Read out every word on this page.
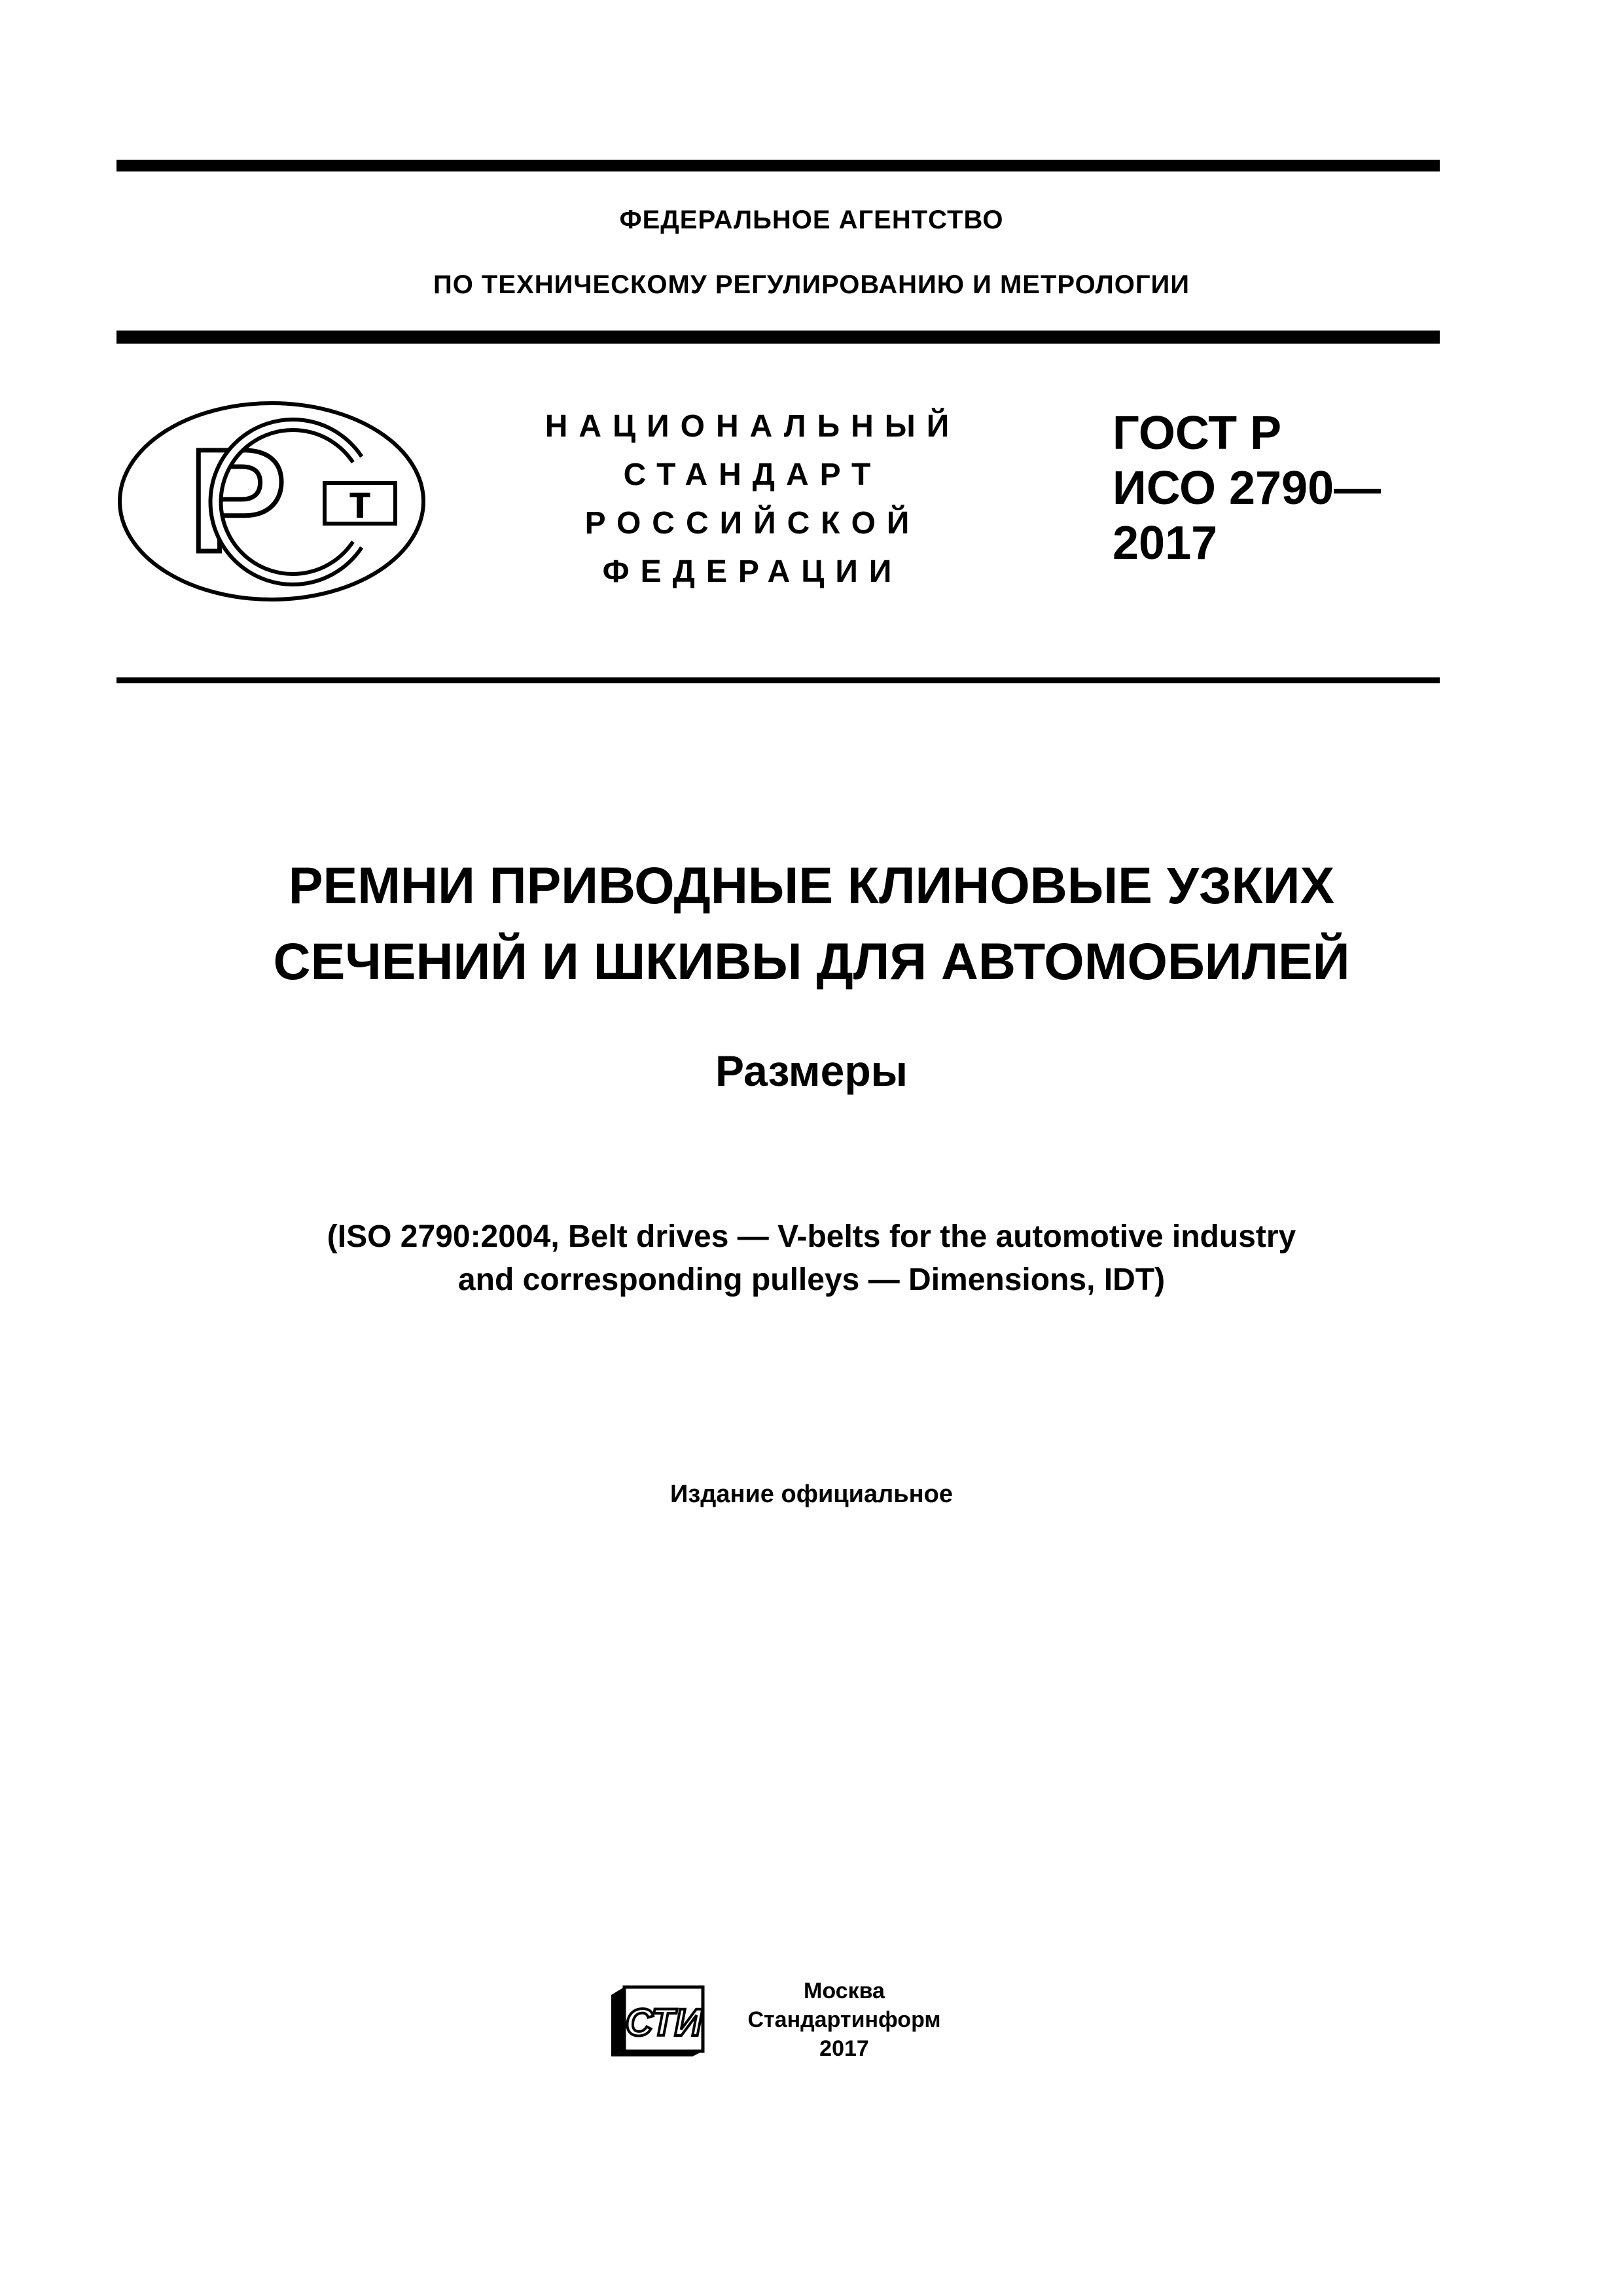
ФЕДЕРАЛЬНОЕ АГЕНТСТВО
ПО ТЕХНИЧЕСКОМУ РЕГУЛИРОВАНИЮ И МЕТРОЛОГИИ
Р т
НАЦИОНАЛЬНЫЙ
СТАНДАРТ
РОССИЙСКОЙ
ФЕДЕРАЦИИ
ГОСТ Р
ИСО 2790—
2017
РЕМНИ ПРИВОДНЫЕ КЛИНОВЫЕ УЗКИХ
СЕЧЕНИЙ И ШКИВЫ ДЛЯ АВТОМОБИЛЕЙ
Размеры
(ISO 2790:2004, Belt drives — V-belts for the automotive industry
and corresponding pulleys — Dimensions, IDT)
Издание официальное
СТИ
Москва
Стандартинформ
2017
